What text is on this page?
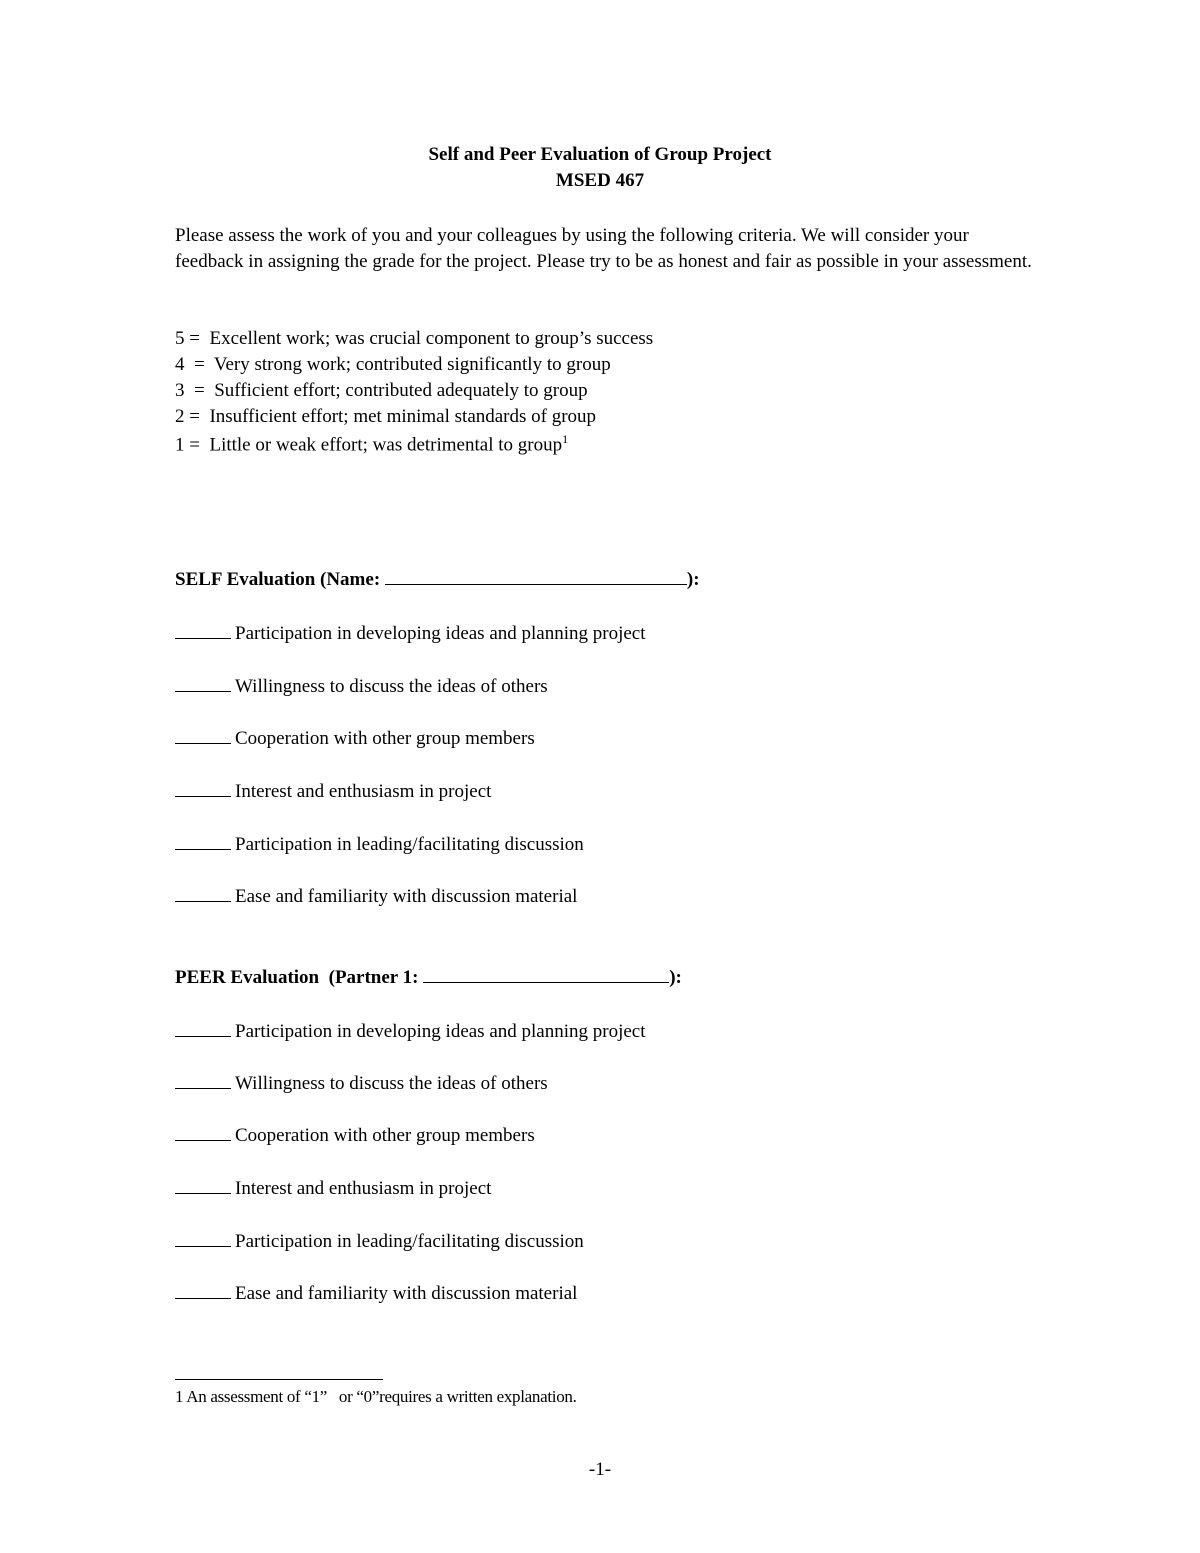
Self and Peer Evaluation of Group Project
MSED 467
Please assess the work of you and your colleagues by using the following criteria. We will consider your feedback in assigning the grade for the project. Please try to be as honest and fair as possible in your assessment.
5 =  Excellent work; was crucial component to group’s success
4  =  Very strong work; contributed significantly to group
3  =  Sufficient effort; contributed adequately to group
2 =  Insufficient effort; met minimal standards of group
1 =  Little or weak effort; was detrimental to group$^1$
SELF Evaluation (Name:	):
Participation in developing ideas and planning project
Willingness to discuss the ideas of others
Cooperation with other group members
Interest and enthusiasm in project
Participation in leading/facilitating discussion
Ease and familiarity with discussion material
PEER Evaluation  (Partner 1:	):
Participation in developing ideas and planning project
Willingness to discuss the ideas of others
Cooperation with other group members
Interest and enthusiasm in project
Participation in leading/facilitating discussion
Ease and familiarity with discussion material
1 An assessment of “1”   or “0”requires a written explanation.
-1-
